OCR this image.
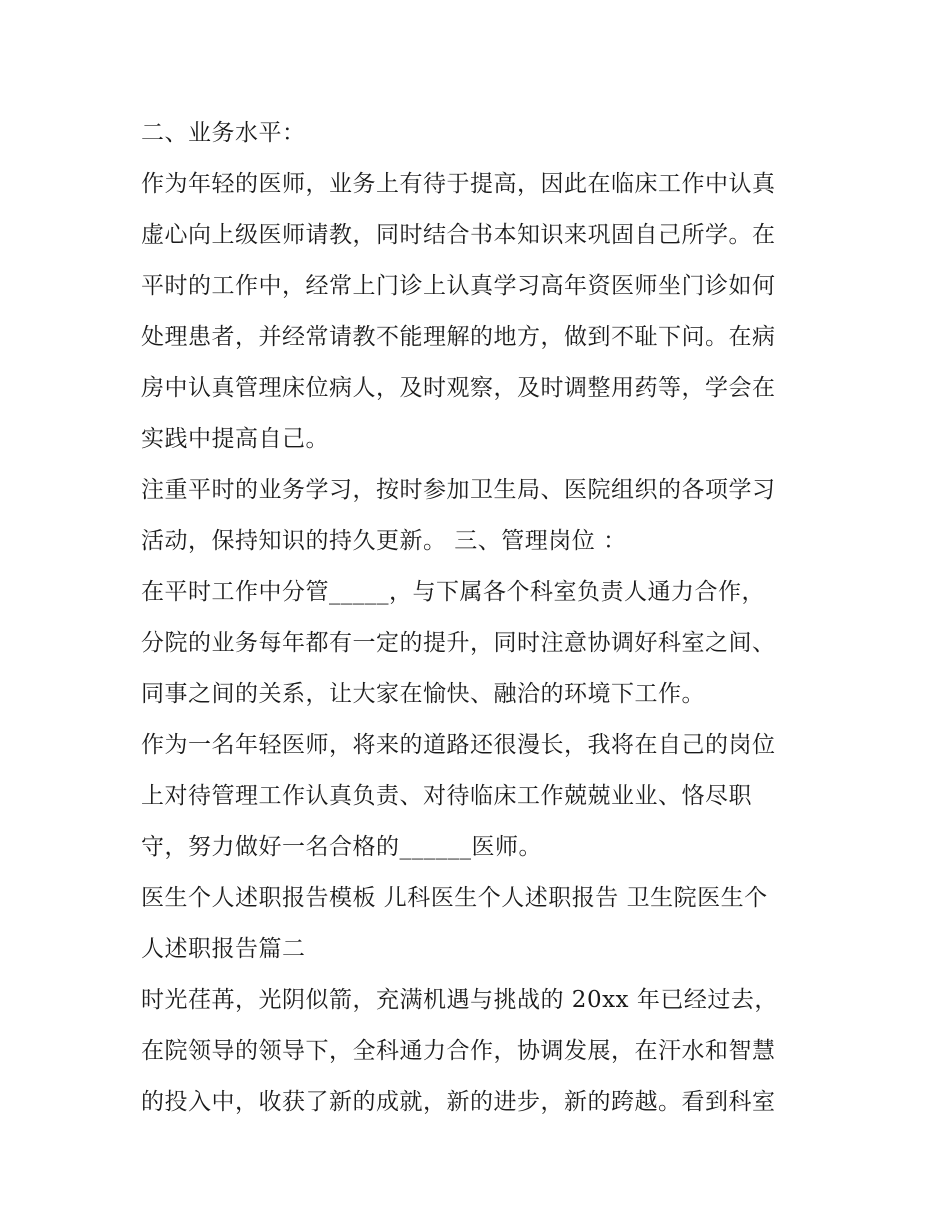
二、业务水平：
作为年轻的医师，业务上有待于提高，因此在临床工作中认真
虚心向上级医师请教，同时结合书本知识来巩固自己所学。在
平时的工作中，经常上门诊上认真学习高年资医师坐门诊如何
处理患者，并经常请教不能理解的地方，做到不耻下问。在病
房中认真管理床位病人，及时观察，及时调整用药等，学会在
实践中提高自己。
注重平时的业务学习，按时参加卫生局、医院组织的各项学习
活动，保持知识的持久更新。 三、管理岗位 ：
在平时工作中分管_____，与下属各个科室负责人通力合作，
分院的业务每年都有一定的提升，同时注意协调好科室之间、
同事之间的关系，让大家在愉快、融洽的环境下工作。
作为一名年轻医师，将来的道路还很漫长，我将在自己的岗位
上对待管理工作认真负责、对待临床工作兢兢业业、恪尽职
守，努力做好一名合格的______医师。
医生个人述职报告模板 儿科医生个人述职报告 卫生院医生个
人述职报告篇二
时光荏苒，光阴似箭，充满机遇与挑战的 20xx 年已经过去，
在院领导的领导下，全科通力合作，协调发展，在汗水和智慧
的投入中，收获了新的成就，新的进步，新的跨越。看到科室
